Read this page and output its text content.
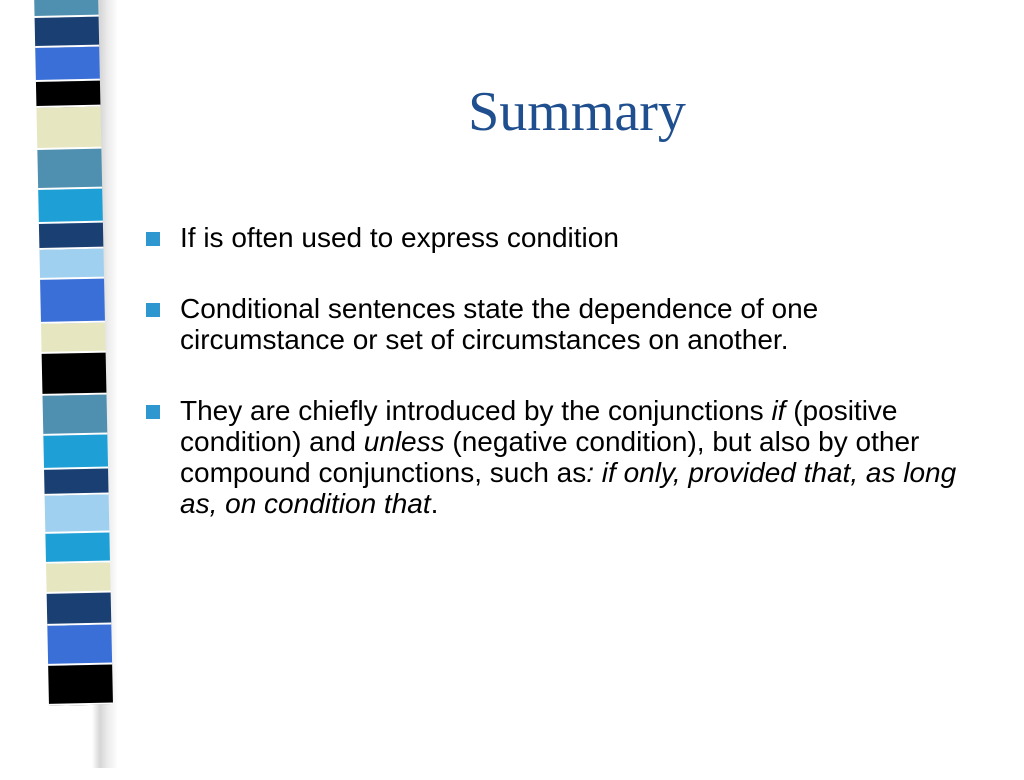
Summary
If is often used to express condition
Conditional sentences state the dependence of one circumstance or set of circumstances on another.
They are chiefly introduced by the conjunctions if (positive condition) and unless (negative condition), but also by other compound conjunctions, such as: if only, provided that, as long as, on condition that.
